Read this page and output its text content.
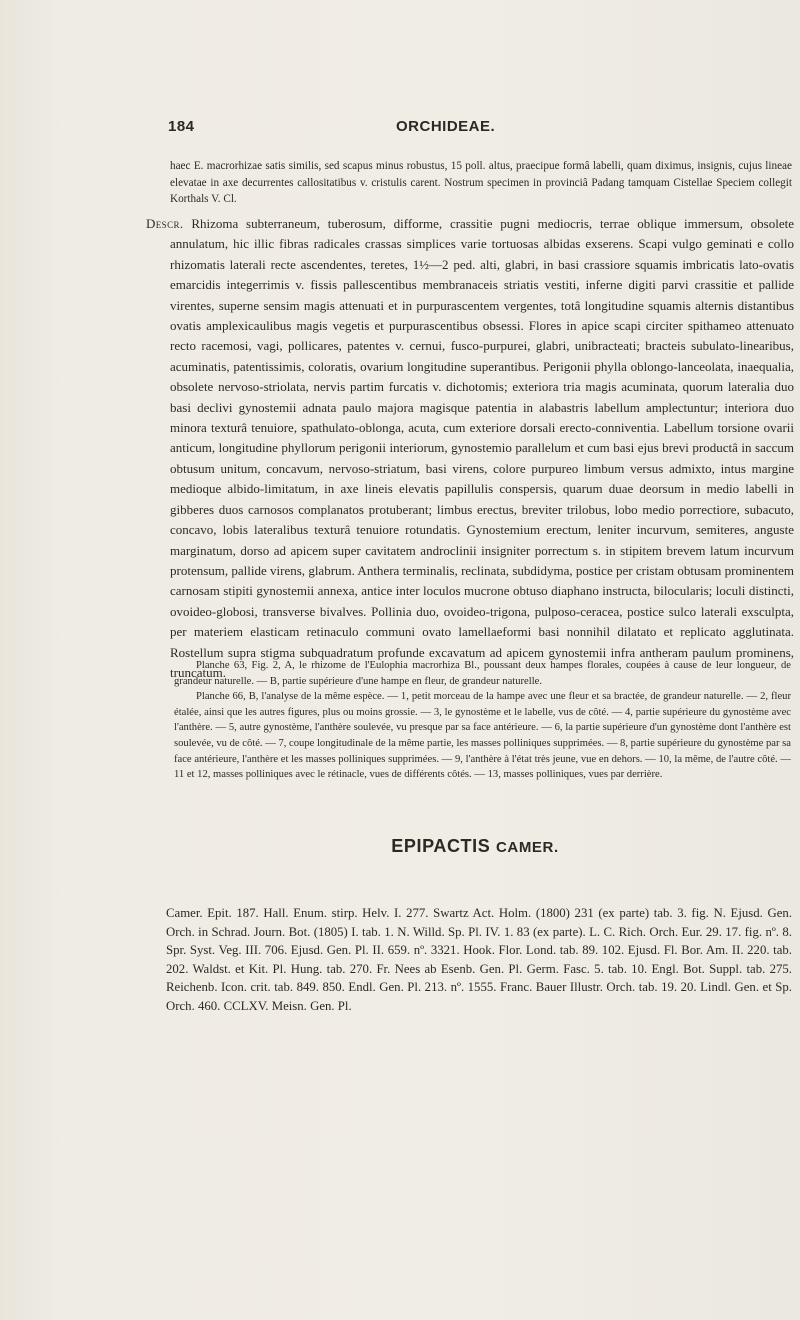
184	ORCHIDEAE.
haec E. macrorhizae satis similis, sed scapus minus robustus, 15 poll. altus, praecipue formâ labelli, quam diximus, insignis, cujus lineae elevatae in axe decurrentes callositatibus v. cristulis carent. Nostrum specimen in provinciâ Padang tamquam Cistellae Speciem collegit Korthals V. Cl.
Descr. Rhizoma subterraneum, tuberosum, difforme, crassitie pugni mediocris, terrae oblique immersum, obsolete annulatum, hic illic fibras radicales crassas simplices varie tortuosas albidas exserens. Scapi vulgo geminati e collo rhizomatis laterali recte ascendentes, teretes, 1½—2 ped. alti, glabri, in basi crassiore squamis imbricatis lato-ovatis emarcidis integerrimis v. fissis pallescentibus membranaceis striatis vestiti, inferne digiti parvi crassitie et pallide virentes, superne sensim magis attenuati et in purpurascentem vergentes, totâ longitudine squamis alternis distantibus ovatis amplexicaulibus magis vegetis et purpurascentibus obsessi. Flores in apice scapi circiter spithameo attenuato recto racemosi, vagi, pollicares, patentes v. cernui, fusco-purpurei, glabri, unibracteati; bracteis subulato-linearibus, acuminatis, patentissimis, coloratis, ovarium longitudine superantibus. Perigonii phylla oblongo-lanceolata, inaequalia, obsolete nervoso-striolata, nervis partim furcatis v. dichotomis; exteriora tria magis acuminata, quorum lateralia duo basi declivi gynostemii adnata paulo majora magisque patentia in alabastris labellum amplectuntur; interiora duo minora texturâ tenuiore, spathulato-oblonga, acuta, cum exteriore dorsali erecto-conniventia. Labellum torsione ovarii anticum, longitudine phyllorum perigonii interiorum, gynostemio parallelum et cum basi ejus brevi productâ in saccum obtusum unitum, concavum, nervoso-striatum, basi virens, colore purpureo limbum versus admixto, intus margine medioque albido-limitatum, in axe lineis elevatis papillulis conspersis, quarum duae deorsum in medio labelli in gibberes duos carnosos complanatos protuberant; limbus erectus, breviter trilobus, lobo medio porrectiore, subacuto, concavo, lobis lateralibus texturâ tenuiore rotundatis. Gynostemium erectum, leniter incurvum, semiteres, anguste marginatum, dorso ad apicem super cavitatem androclinii insigniter porrectum s. in stipitem brevem latum incurvum protensum, pallide virens, glabrum. Anthera terminalis, reclinata, subdidyma, postice per cristam obtusam prominentem carnosam stipiti gynostemii annexa, antice inter loculos mucrone obtuso diaphano instructa, bilocularis; loculi distincti, ovoideo-globosi, transverse bivalves. Pollinia duo, ovoideo-trigona, pulposo-ceracea, postice sulco laterali exsculpta, per materiem elasticam retinaculo communi ovato lamellaeformi basi nonnihil dilatato et replicato agglutinata. Rostellum supra stigma subquadratum profunde excavatum ad apicem gynostemii infra antheram paulum prominens, truncatum.

Planche 63, Fig. 2, A, le rhizome de l'Eulophia macrorhiza Bl., poussant deux hampes florales, coupées à cause de leur longueur, de grandeur naturelle. — B, partie supérieure d'une hampe en fleur, de grandeur naturelle.

Planche 66, B, l'analyse de la même espèce. — 1, petit morceau de la hampe avec une fleur et sa bractée, de grandeur naturelle. — 2, fleur étalée, ainsi que les autres figures, plus ou moins grossie. — 3, le gynostème et le labelle, vus de côté. — 4, partie supérieure du gynostème avec l'anthère. — 5, autre gynostème, l'anthère soulevée, vu presque par sa face antérieure. — 6, la partie supérieure d'un gynostème dont l'anthère est soulevée, vu de côté. — 7, coupe longitudinale de la même partie, les masses polliniques supprimées. — 8, partie supérieure du gynostème par sa face antérieure, l'anthère et les masses polliniques supprimées. — 9, l'anthère à l'état très jeune, vue en dehors. — 10, la même, de l'autre côté. — 11 et 12, masses polliniques avec le rétinacle, vues de différents côtés. — 13, masses polliniques, vues par derrière.

EPIPACTIS CAMER.

Camer. Epit. 187. Hall. Enum. stirp. Helv. I. 277. Swartz Act. Holm. (1800) 231 (ex parte) tab. 3. fig. N. Ejusd. Gen. Orch. in Schrad. Journ. Bot. (1805) I. tab. 1. N. Willd. Sp. Pl. IV. 1. 83 (ex parte). L. C. Rich. Orch. Eur. 29. 17. fig. nº. 8. Spr. Syst. Veg. III. 706. Ejusd. Gen. Pl. II. 659. nº. 3321. Hook. Flor. Lond. tab. 89. 102. Ejusd. Fl. Bor. Am. II. 220. tab. 202. Waldst. et Kit. Pl. Hung. tab. 270. Fr. Nees ab Esenb. Gen. Pl. Germ. Fasc. 5. tab. 10. Engl. Bot. Suppl. tab. 275. Reichenb. Icon. crit. tab. 849. 850. Endl. Gen. Pl. 213. nº. 1555. Franc. Bauer Illustr. Orch. tab. 19. 20. Lindl. Gen. et Sp. Orch. 460. CCLXV. Meisn. Gen. Pl.
